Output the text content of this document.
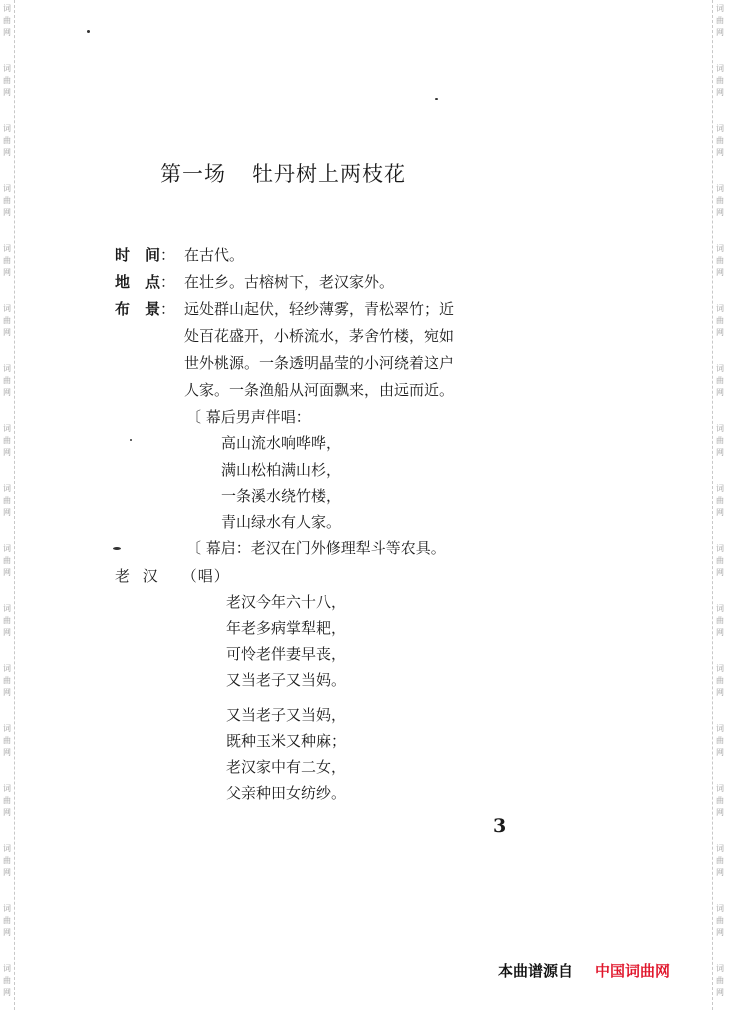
词
曲
网
词
曲
网
词
曲
网
词
曲
网
词
曲
网
词
曲
网
词
曲
网
词
曲
网
词
曲
网
词
曲
网
词
曲
网
词
曲
网
词
曲
网
词
曲
网
词
曲
网
词
曲
网
词
曲
网
词
曲
网
词
曲
网
词
曲
网
词
曲
网
词
曲
网
词
曲
网
词
曲
网
词
曲
网
词
曲
网
词
曲
网
词
曲
网
词
曲
网
词
曲
网
词
曲
网
词
曲
网
词
曲
网
词
曲
网
第一场 牡丹树上两枝花
时 间： 在古代。
地 点： 在壮乡。古榕树下，老汉家外。
布 景： 远处群山起伏，轻纱薄雾，青松翠竹；近
处百花盛开，小桥流水，茅舍竹楼，宛如
世外桃源。一条透明晶莹的小河绕着这户
人家。一条渔船从河面飘来，由远而近。
〔 幕后男声伴唱：
高山流水响哗哗，
满山松柏满山杉，
一条溪水绕竹楼，
青山绿水有人家。
〔 幕启：老汉在门外修理犁斗等农具。
老 汉 （唱）
老汉今年六十八，
年老多病掌犁耙，
可怜老伴妻早丧，
又当老子又当妈。
又当老子又当妈，
既种玉米又种麻；
老汉家中有二女，
父亲种田女纺纱。
3
本曲谱源自 中国词曲网
